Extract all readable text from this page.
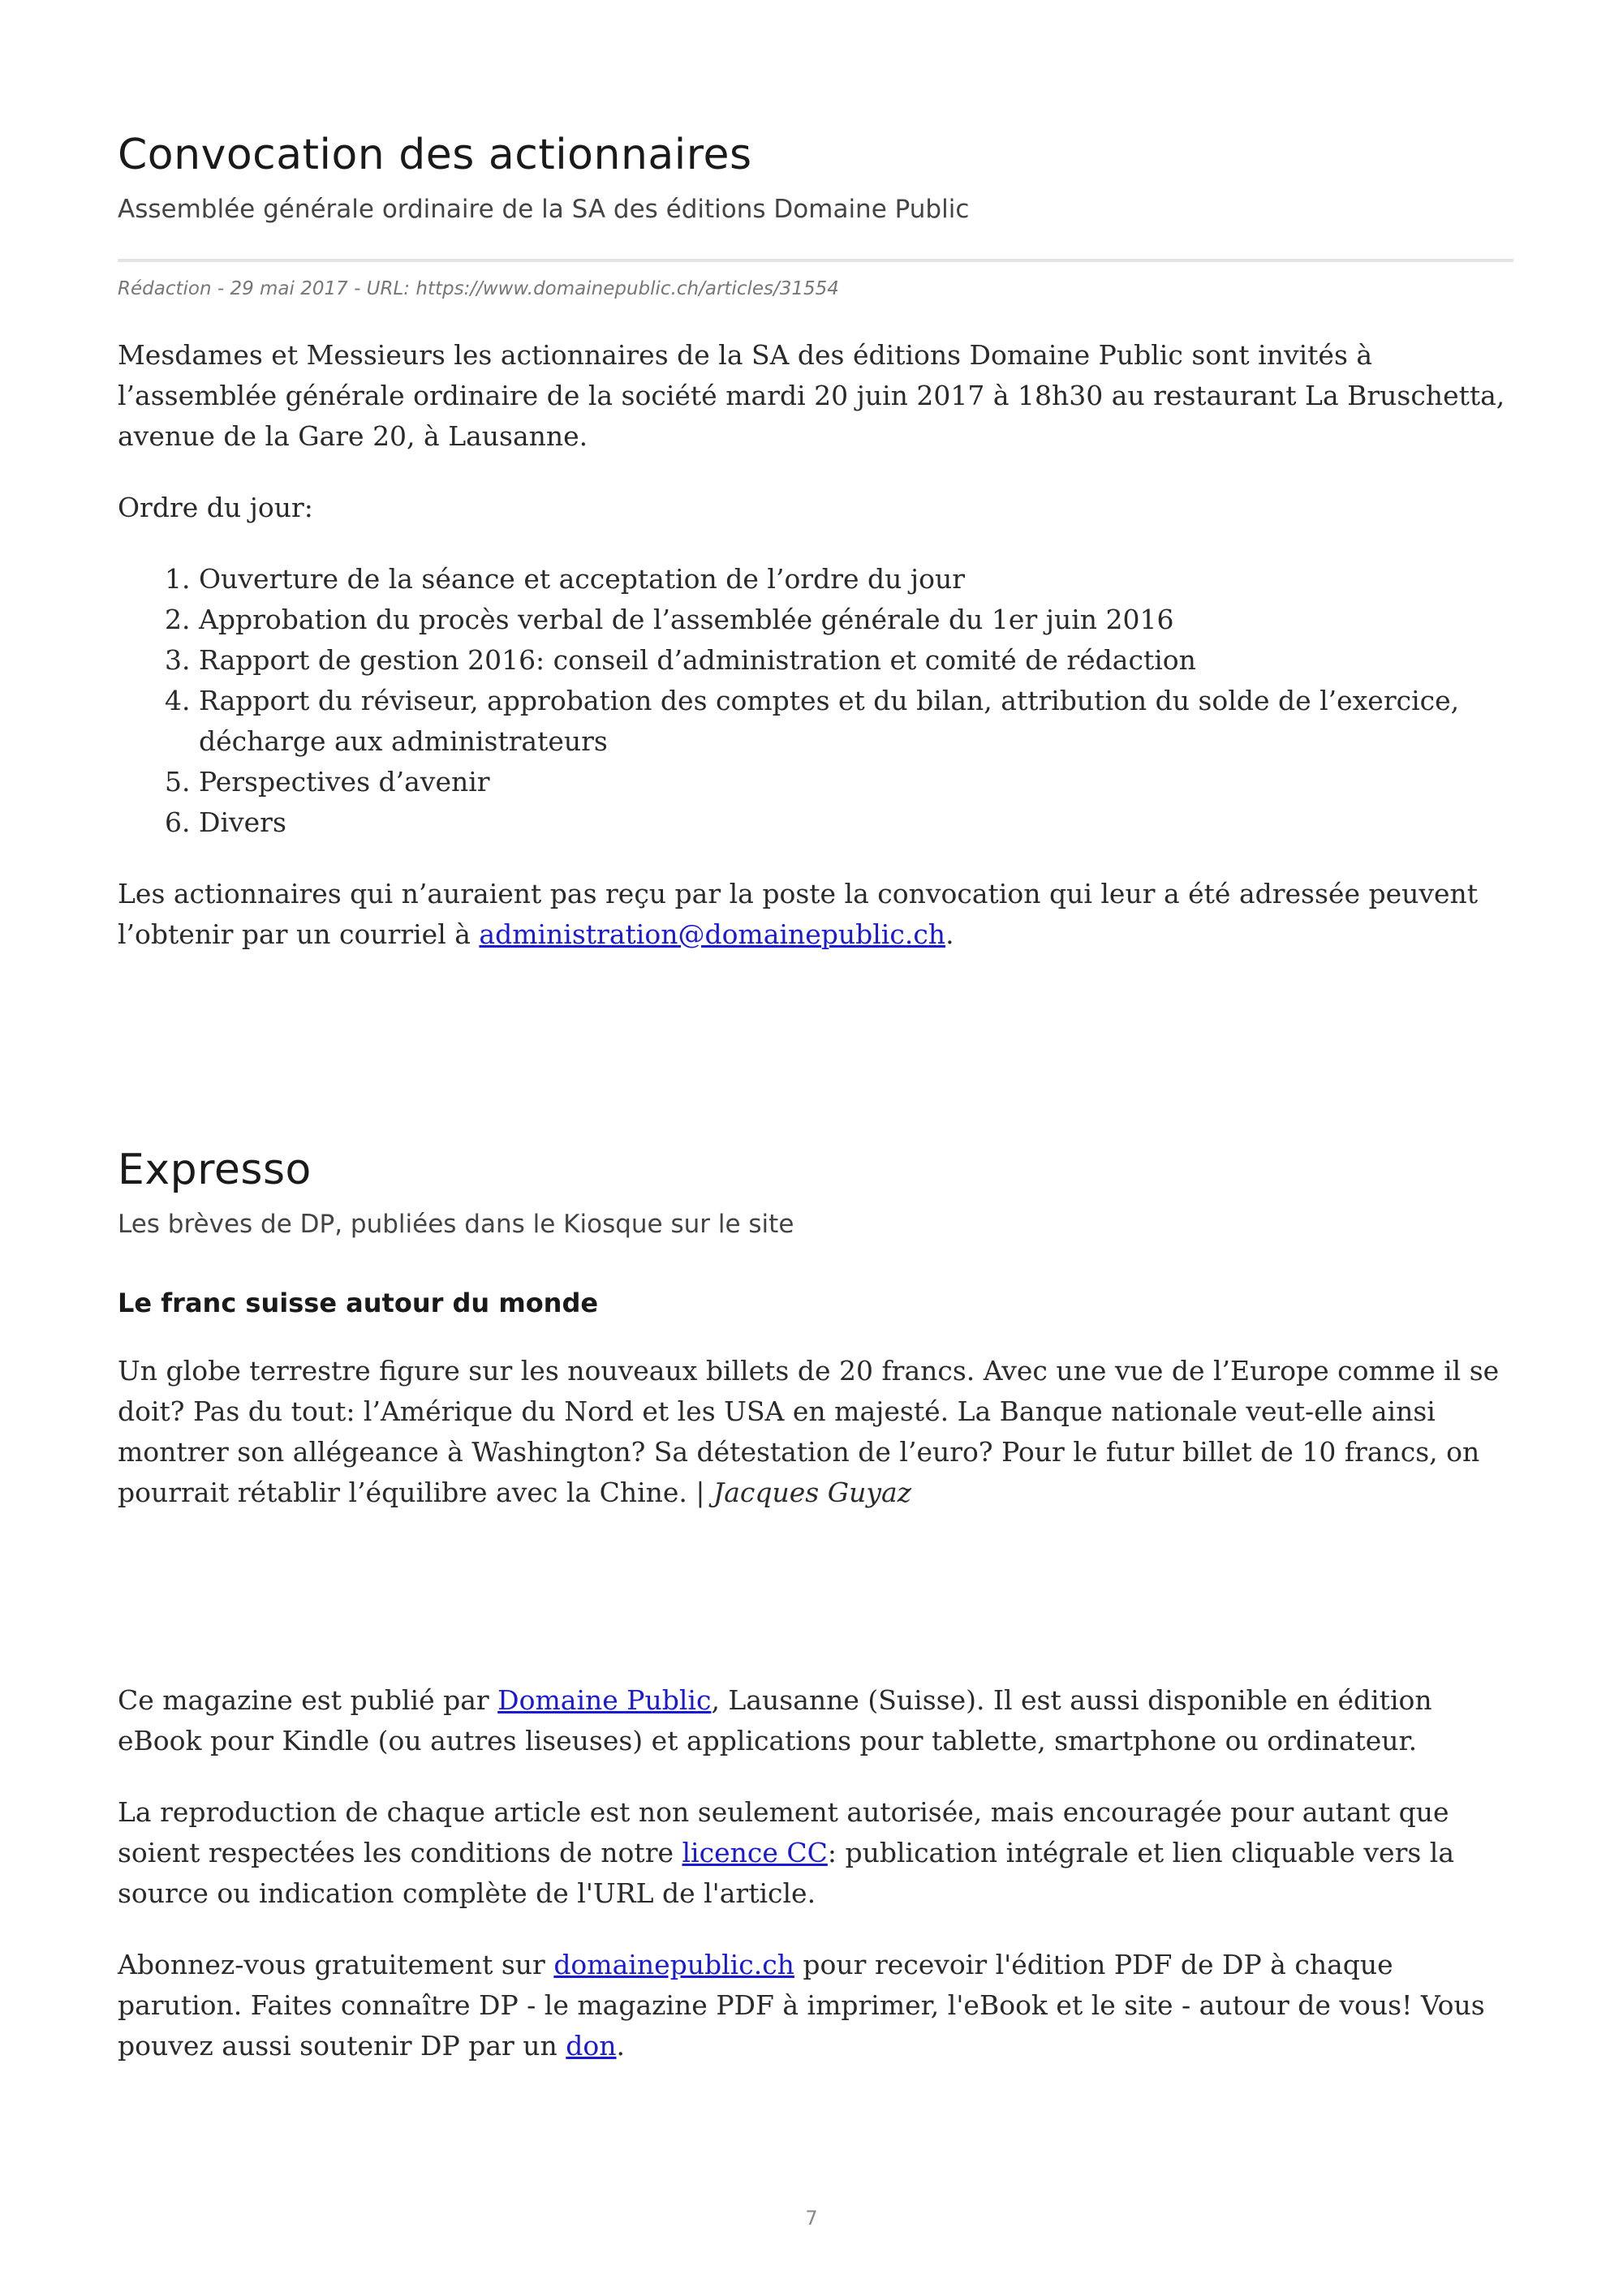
Convocation des actionnaires

Assemblée générale ordinaire de la SA des éditions Domaine Public

Rédaction - 29 mai 2017 - URL: https://www.domainepublic.ch/articles/31554

Mesdames et Messieurs les actionnaires de la SA des éditions Domaine Public sont invités à l’assemblée générale ordinaire de la société mardi 20 juin 2017 à 18h30 au restaurant La Bruschetta, avenue de la Gare 20, à Lausanne.

Ordre du jour:

1. Ouverture de la séance et acceptation de l’ordre du jour
2. Approbation du procès verbal de l’assemblée générale du 1er juin 2016
3. Rapport de gestion 2016: conseil d’administration et comité de rédaction
4. Rapport du réviseur, approbation des comptes et du bilan, attribution du solde de l’exercice, décharge aux administrateurs
5. Perspectives d’avenir
6. Divers

Les actionnaires qui n’auraient pas reçu par la poste la convocation qui leur a été adressée peuvent l’obtenir par un courriel à administration@domainepublic.ch.

Expresso

Les brèves de DP, publiées dans le Kiosque sur le site

Le franc suisse autour du monde

Un globe terrestre figure sur les nouveaux billets de 20 francs. Avec une vue de l’Europe comme il se doit? Pas du tout: l’Amérique du Nord et les USA en majesté. La Banque nationale veut-elle ainsi montrer son allégeance à Washington? Sa détestation de l’euro? Pour le futur billet de 10 francs, on pourrait rétablir l’équilibre avec la Chine. | Jacques Guyaz

Ce magazine est publié par Domaine Public, Lausanne (Suisse). Il est aussi disponible en édition eBook pour Kindle (ou autres liseuses) et applications pour tablette, smartphone ou ordinateur.

La reproduction de chaque article est non seulement autorisée, mais encouragée pour autant que soient respectées les conditions de notre licence CC: publication intégrale et lien cliquable vers la source ou indication complète de l'URL de l'article.

Abonnez-vous gratuitement sur domainepublic.ch pour recevoir l'édition PDF de DP à chaque parution. Faites connaître DP - le magazine PDF à imprimer, l'eBook et le site - autour de vous! Vous pouvez aussi soutenir DP par un don.

7
